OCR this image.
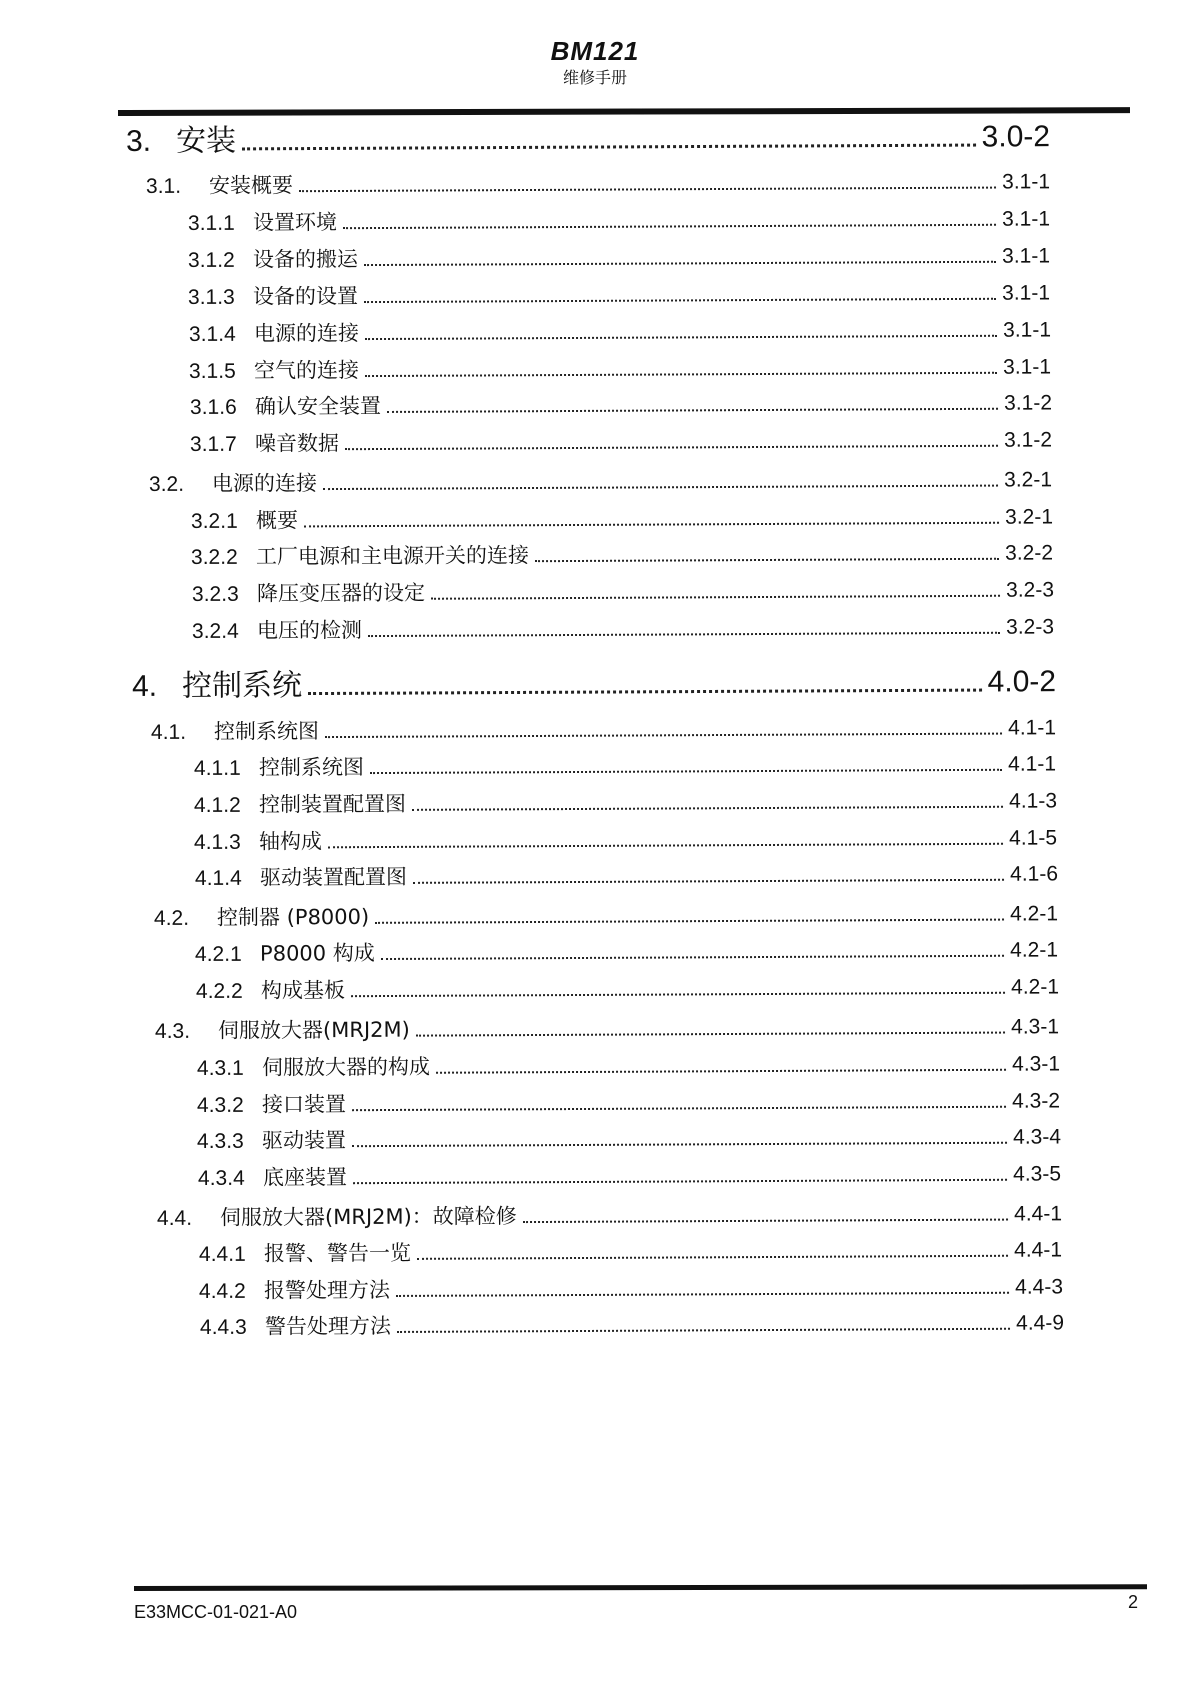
BM121
维修手册
3. 安装	3.0-2
3.1.	安装概要	3.1-1
3.1.1 设置环境	3.1-1
3.1.2 设备的搬运	3.1-1
3.1.3 设备的设置	3.1-1
3.1.4 电源的连接	3.1-1
3.1.5 空气的连接	3.1-1
3.1.6 确认安全装置	3.1-2
3.1.7 噪音数据	3.1-2
3.2.	电源的连接	3.2-1
3.2.1 概要	3.2-1
3.2.2 工厂电源和主电源开关的连接	3.2-2
3.2.3 降压变压器的设定	3.2-3
3.2.4 电压的检测	3.2-3
4. 控制系统	4.0-2
4.1.	控制系统图	4.1-1
4.1.1 控制系统图	4.1-1
4.1.2 控制装置配置图	4.1-3
4.1.3 轴构成	4.1-5
4.1.4 驱动装置配置图	4.1-6
4.2.	控制器 (P8000)	4.2-1
4.2.1 P8000 构成	4.2-1
4.2.2 构成基板	4.2-1
4.3.	伺服放大器(MRJ2M)	4.3-1
4.3.1 伺服放大器的构成	4.3-1
4.3.2 接口装置	4.3-2
4.3.3 驱动装置	4.3-4
4.3.4 底座装置	4.3-5
4.4.	伺服放大器(MRJ2M)：故障检修	4.4-1
4.4.1 报警、警告一览	4.4-1
4.4.2 报警处理方法	4.4-3
4.4.3 警告处理方法	4.4-9
E33MCC-01-021-A0	2
